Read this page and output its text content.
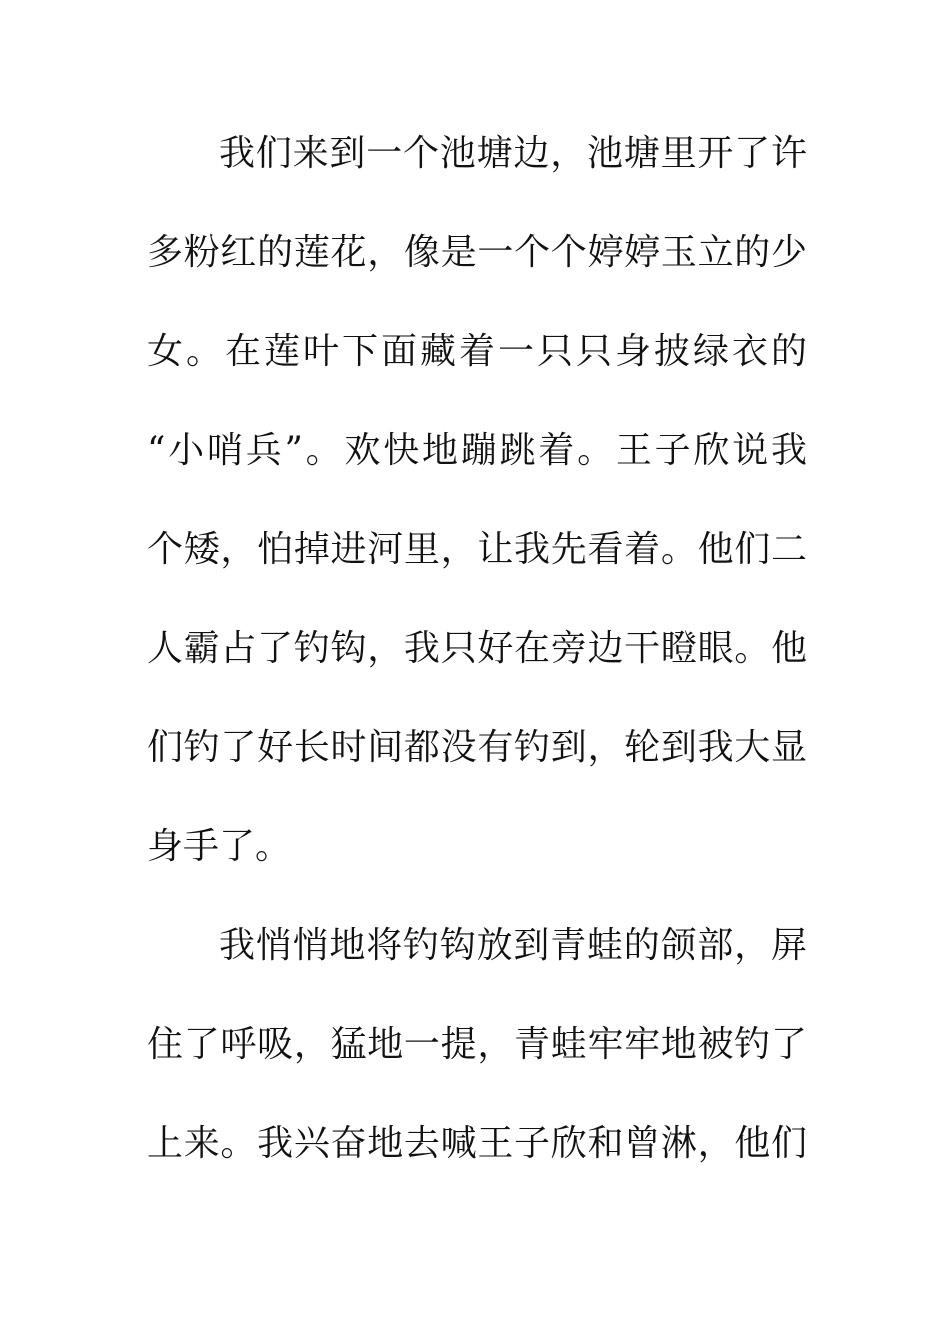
我们来到一个池塘边，池塘里开了许
多粉红的莲花，像是一个个婷婷玉立的少
女。在莲叶下面藏着一只只身披绿衣的
“小哨兵”。欢快地蹦跳着。王子欣说我
个矮，怕掉进河里，让我先看着。他们二
人霸占了钓钩，我只好在旁边干瞪眼。他
们钓了好长时间都没有钓到，轮到我大显
身手了。
我悄悄地将钓钩放到青蛙的颌部，屏
住了呼吸，猛地一提，青蛙牢牢地被钓了
上来。我兴奋地去喊王子欣和曾淋，他们
